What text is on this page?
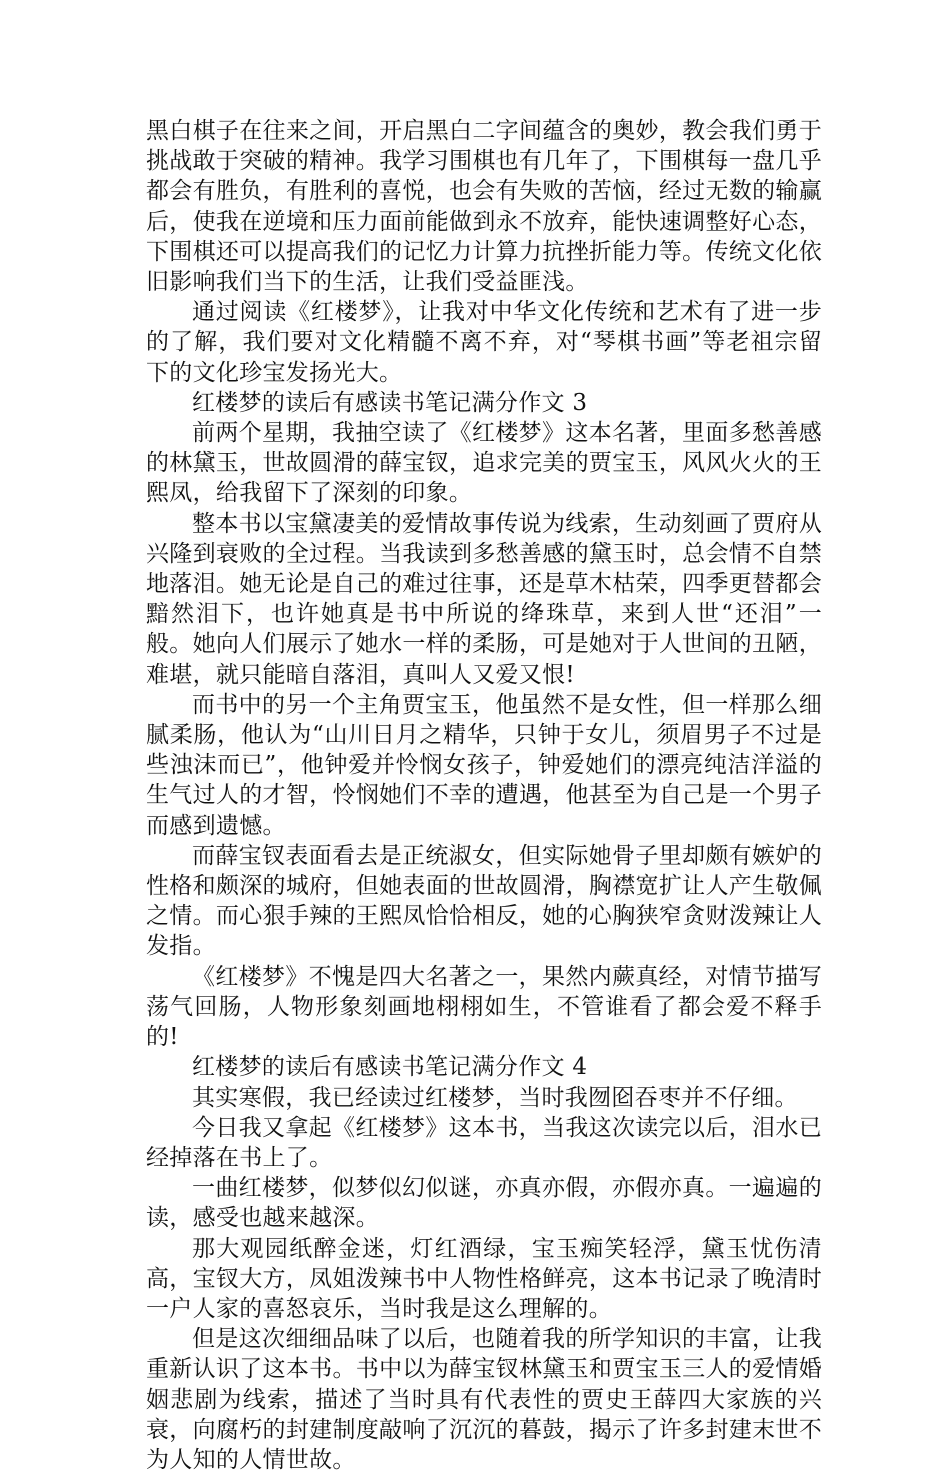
黑白棋子在往来之间，开启黑白二字间蕴含的奥妙，教会我们勇于挑战敢于突破的精神。我学习围棋也有几年了，下围棋每一盘几乎都会有胜负，有胜利的喜悦，也会有失败的苦恼，经过无数的输赢后，使我在逆境和压力面前能做到永不放弃，能快速调整好心态，下围棋还可以提高我们的记忆力计算力抗挫折能力等。传统文化依旧影响我们当下的生活，让我们受益匪浅。

通过阅读《红楼梦》，让我对中华文化传统和艺术有了进一步的了解，我们要对文化精髓不离不弃，对“琴棋书画”等老祖宗留下的文化珍宝发扬光大。

红楼梦的读后有感读书笔记满分作文 3

前两个星期，我抽空读了《红楼梦》这本名著，里面多愁善感的林黛玉，世故圆滑的薛宝钗，追求完美的贾宝玉，风风火火的王熙凤，给我留下了深刻的印象。

整本书以宝黛凄美的爱情故事传说为线索，生动刻画了贾府从兴隆到衰败的全过程。当我读到多愁善感的黛玉时，总会情不自禁地落泪。她无论是自己的难过往事，还是草木枯荣，四季更替都会黯然泪下，也许她真是书中所说的绛珠草，来到人世“还泪”一般。她向人们展示了她水一样的柔肠，可是她对于人世间的丑陋，难堪，就只能暗自落泪，真叫人又爱又恨!

而书中的另一个主角贾宝玉，他虽然不是女性，但一样那么细腻柔肠，他认为“山川日月之精华，只钟于女儿，须眉男子不过是些浊沫而已”，他钟爱并怜悯女孩子，钟爱她们的漂亮纯洁洋溢的生气过人的才智，怜悯她们不幸的遭遇，他甚至为自己是一个男子而感到遗憾。

而薛宝钗表面看去是正统淑女，但实际她骨子里却颇有嫉妒的性格和颇深的城府，但她表面的世故圆滑，胸襟宽扩让人产生敬佩之情。而心狠手辣的王熙凤恰恰相反，她的心胸狭窄贪财泼辣让人发指。

《红楼梦》不愧是四大名著之一，果然内蕨真经，对情节描写荡气回肠，人物形象刻画地栩栩如生，不管谁看了都会爱不释手的!

红楼梦的读后有感读书笔记满分作文 4

其实寒假，我已经读过红楼梦，当时我囫囵吞枣并不仔细。

今日我又拿起《红楼梦》这本书，当我这次读完以后，泪水已经掉落在书上了。

一曲红楼梦，似梦似幻似谜，亦真亦假，亦假亦真。一遍遍的读，感受也越来越深。

那大观园纸醉金迷，灯红酒绿，宝玉痴笑轻浮，黛玉忧伤清高，宝钗大方，凤姐泼辣书中人物性格鲜亮，这本书记录了晚清时一户人家的喜怒哀乐，当时我是这么理解的。

但是这次细细品味了以后，也随着我的所学知识的丰富，让我重新认识了这本书。书中以为薛宝钗林黛玉和贾宝玉三人的爱情婚姻悲剧为线索，描述了当时具有代表性的贾史王薛四大家族的兴衰，向腐朽的封建制度敲响了沉沉的暮鼓，揭示了许多封建末世不为人知的人情世故。
